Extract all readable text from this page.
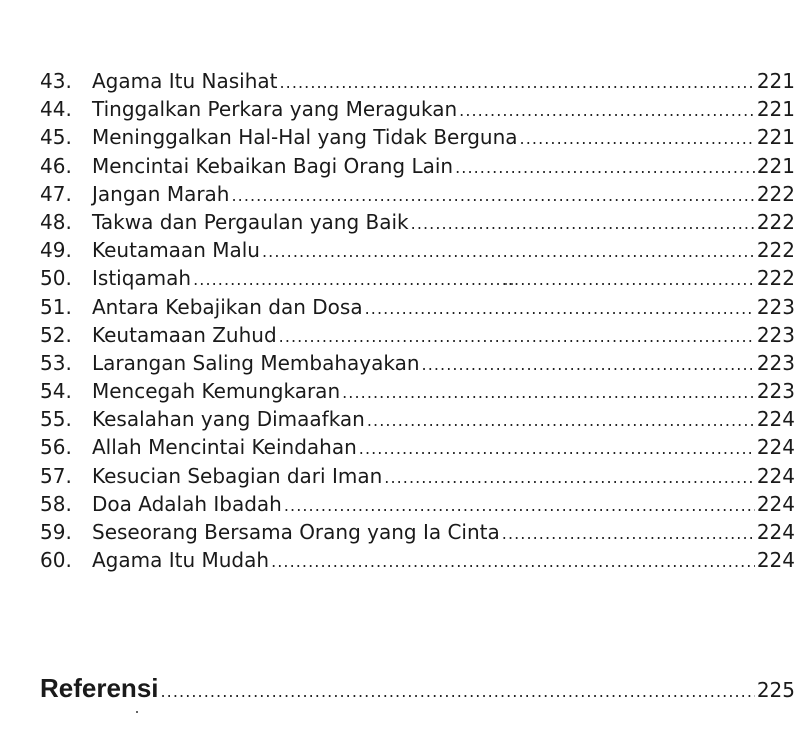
43.	Agama Itu Nasihat . . .	221
44.	Tinggalkan Perkara yang Meragukan . . .	221
45.	Meninggalkan Hal-Hal yang Tidak Berguna . . .	221
46.	Mencintai Kebaikan Bagi Orang Lain . . .	221
47.	Jangan Marah . . .	222
48.	Takwa dan Pergaulan yang Baik . . .	222
49.	Keutamaan Malu . . .	222
50.	Istiqamah . . .	222
51.	Antara Kebajikan dan Dosa . . .	223
52.	Keutamaan Zuhud . . .	223
53.	Larangan Saling Membahayakan . . .	223
54.	Mencegah Kemungkaran . . .	223
55.	Kesalahan yang Dimaafkan . . .	224
56.	Allah Mencintai Keindahan . . .	224
57.	Kesucian Sebagian dari Iman . . .	224
58.	Doa Adalah Ibadah . . .	224
59.	Seseorang Bersama Orang yang Ia Cinta . . .	224
60.	Agama Itu Mudah . . .	224
Referensi . . .	225
